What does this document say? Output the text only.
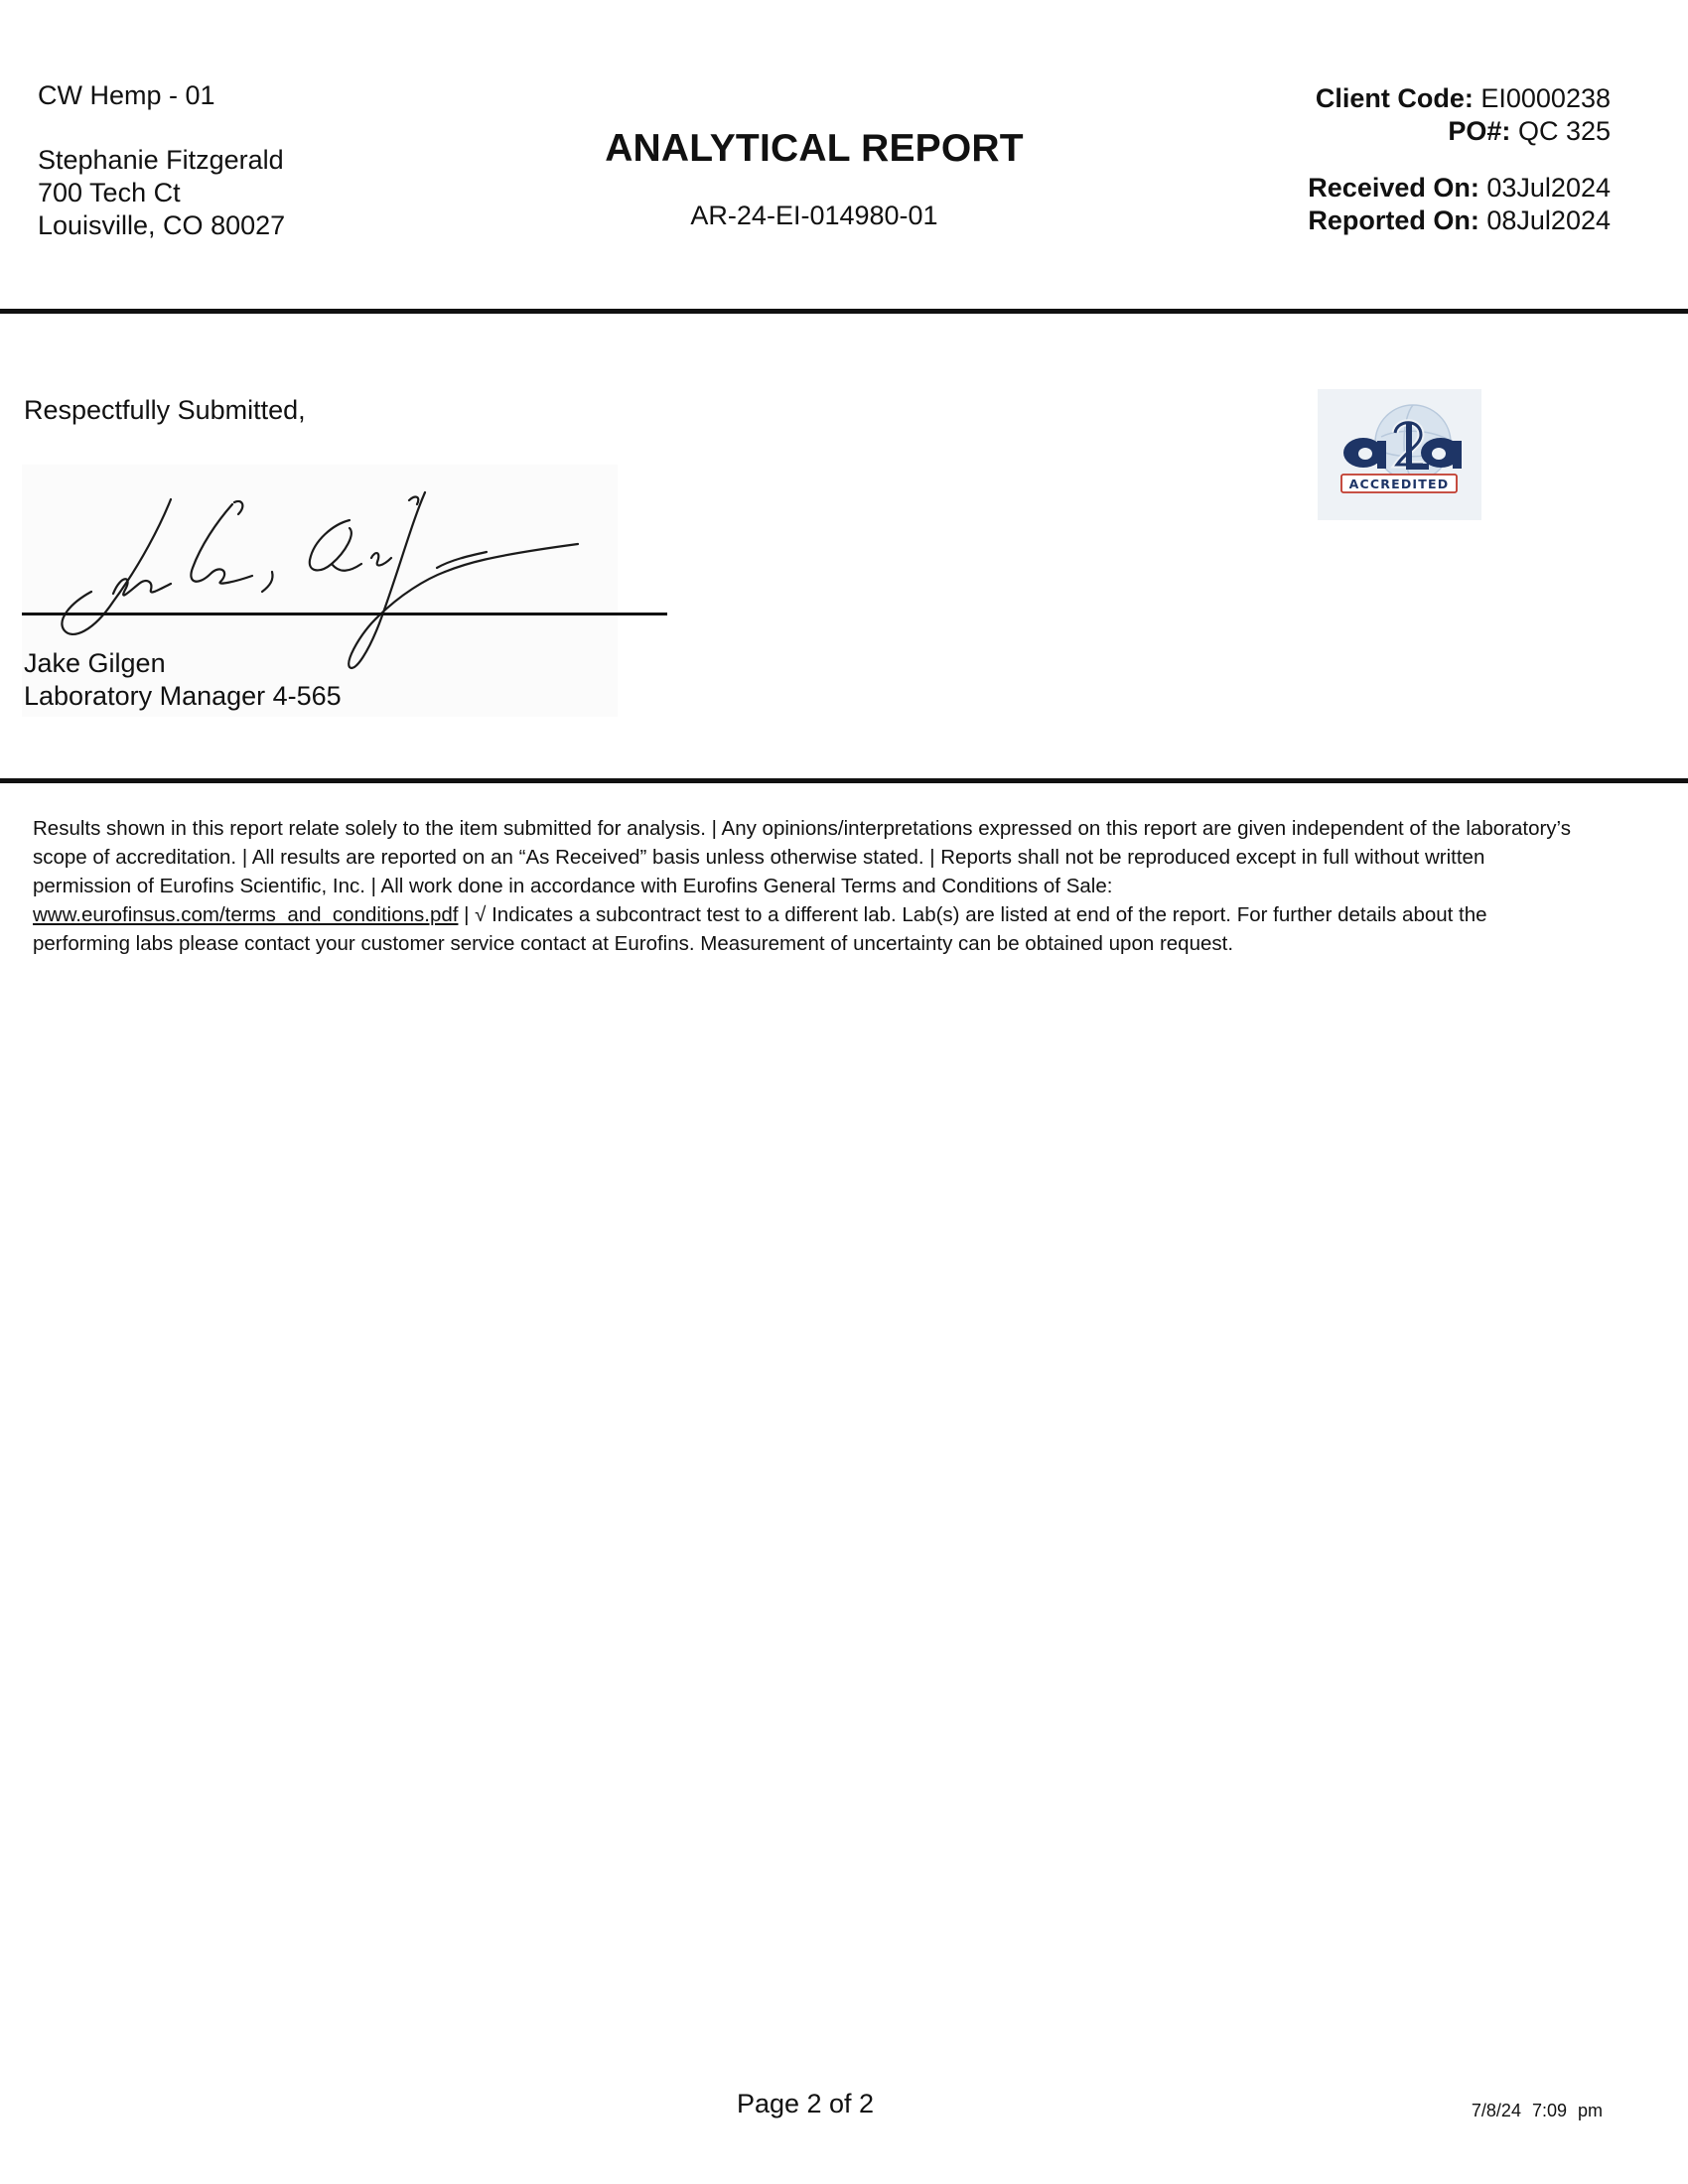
CW Hemp - 01
Stephanie Fitzgerald
700 Tech Ct
Louisville, CO 80027
ANALYTICAL REPORT
AR-24-EI-014980-01
Client Code: EI0000238
PO#: QC 325
Received On: 03Jul2024
Reported On: 08Jul2024
Respectfully Submitted,
Jake Gilgen
Laboratory Manager 4-565
ACCREDITED
Results shown in this report relate solely to the item submitted for analysis. | Any opinions/interpretations expressed on this report are given independent of the laboratory’s scope of accreditation. | All results are reported on an “As Received” basis unless otherwise stated. | Reports shall not be reproduced except in full without written permission of Eurofins Scientific, Inc. | All work done in accordance with Eurofins General Terms and Conditions of Sale:
www.eurofinsus.com/terms_and_conditions.pdf | √ Indicates a subcontract test to a different lab. Lab(s) are listed at end of the report. For further details about the performing labs please contact your customer service contact at Eurofins. Measurement of uncertainty can be obtained upon request.
Page 2 of 2	7/8/24 7:09 pm
